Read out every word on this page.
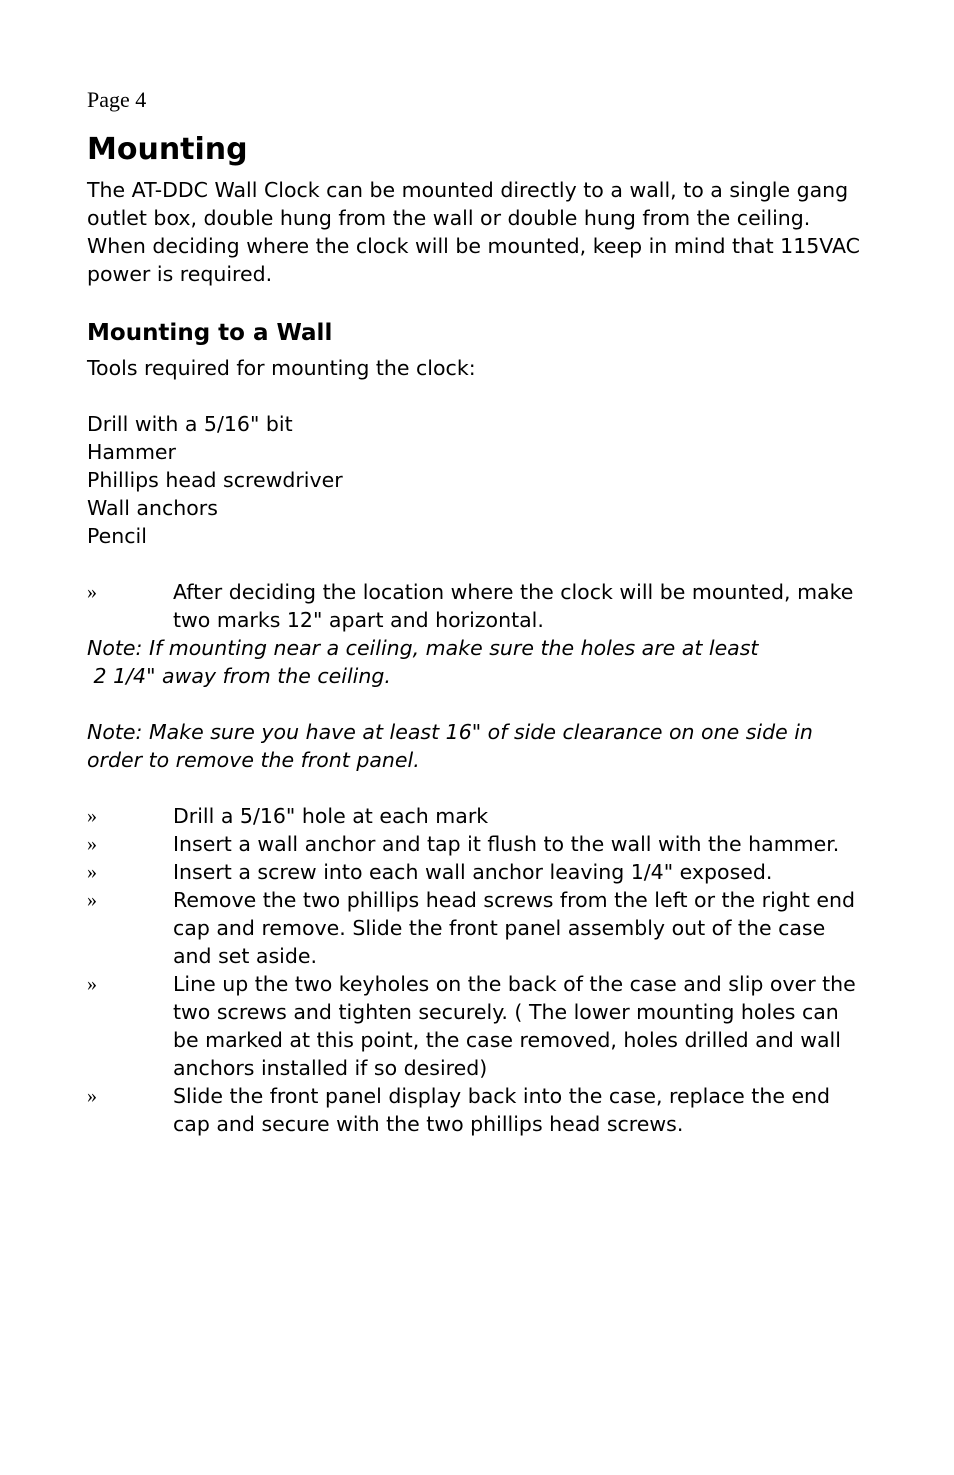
Page 4
Mounting

The AT-DDC Wall Clock can be mounted directly to a wall, to a single gang outlet box, double hung from the wall or double hung from the ceiling. When deciding where the clock will be mounted, keep in mind that 115VAC power is required.

Mounting to a Wall

Tools required for mounting the clock:

Drill with a 5/16" bit
Hammer
Phillips head screwdriver
Wall anchors
Pencil
»	After deciding the location where the clock will be mounted, make two marks 12" apart and horizontal.
Note: If mounting near a ceiling, make sure the holes are at least
2 1/4" away from the ceiling.

Note: Make sure you have at least 16" of side clearance on one side in order to remove the front panel.

»	Drill a 5/16" hole at each mark
»	Insert a wall anchor and tap it flush to the wall with the hammer.
»	Insert a screw into each wall anchor leaving 1/4" exposed.
»	Remove the two phillips head screws from the left or the right end cap and remove. Slide the front panel assembly out of the case and set aside.
»	Line up the two keyholes on the back of the case and slip over the two screws and tighten securely. ( The lower mounting holes can be marked at this point, the case removed, holes drilled and wall anchors installed if so desired)
»	Slide the front panel display back into the case, replace the end cap and secure with the two phillips head screws.
